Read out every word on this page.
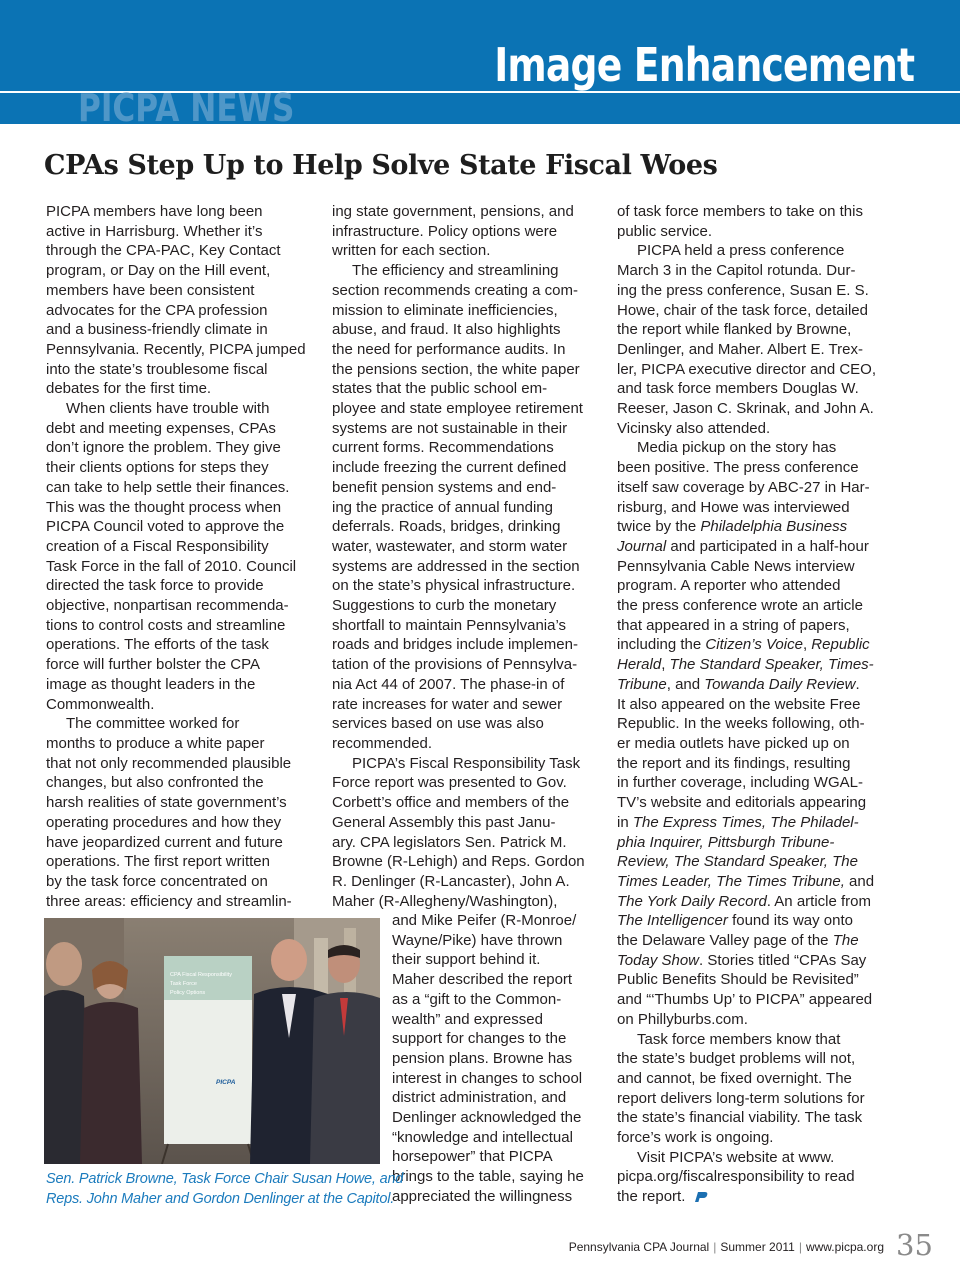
Image Enhancement
PICPA NEWS
CPAs Step Up to Help Solve State Fiscal Woes
PICPA members have long been
active in Harrisburg. Whether it’s
through the CPA-PAC, Key Contact
program, or Day on the Hill event,
members have been consistent
advocates for the CPA profession
and a business-friendly climate in
Pennsylvania. Recently, PICPA jumped
into the state’s troublesome fiscal
debates for the first time.
When clients have trouble with
debt and meeting expenses, CPAs
don’t ignore the problem. They give
their clients options for steps they
can take to help settle their finances.
This was the thought process when
PICPA Council voted to approve the
creation of a Fiscal Responsibility
Task Force in the fall of 2010. Council
directed the task force to provide
objective, nonpartisan recommenda-
tions to control costs and streamline
operations. The efforts of the task
force will further bolster the CPA
image as thought leaders in the
Commonwealth.
The committee worked for
months to produce a white paper
that not only recommended plausible
changes, but also confronted the
harsh realities of state government’s
operating procedures and how they
have jeopardized current and future
operations. The first report written
by the task force concentrated on
three areas: efficiency and streamlin-
ing state government, pensions, and
infrastructure. Policy options were
written for each section.
The efficiency and streamlining
section recommends creating a com-
mission to eliminate inefficiencies,
abuse, and fraud. It also highlights
the need for performance audits. In
the pensions section, the white paper
states that the public school em-
ployee and state employee retirement
systems are not sustainable in their
current forms. Recommendations
include freezing the current defined
benefit pension systems and end-
ing the practice of annual funding
deferrals. Roads, bridges, drinking
water, wastewater, and storm water
systems are addressed in the section
on the state’s physical infrastructure.
Suggestions to curb the monetary
shortfall to maintain Pennsylvania’s
roads and bridges include implemen-
tation of the provisions of Pennsylva-
nia Act 44 of 2007. The phase-in of
rate increases for water and sewer
services based on use was also
recommended.
PICPA’s Fiscal Responsibility Task
Force report was presented to Gov.
Corbett’s office and members of the
General Assembly this past Janu-
ary. CPA legislators Sen. Patrick M.
Browne (R-Lehigh) and Reps. Gordon
R. Denlinger (R-Lancaster), John A.
Maher (R-Allegheny/Washington),
and Mike Peifer (R-Monroe/
Wayne/Pike) have thrown
their support behind it.
Maher described the report
as a “gift to the Common-
wealth” and expressed
support for changes to the
pension plans. Browne has
interest in changes to school
district administration, and
Denlinger acknowledged the
“knowledge and intellectual
horsepower” that PICPA
brings to the table, saying he
appreciated the willingness
of task force members to take on this
public service.
PICPA held a press conference
March 3 in the Capitol rotunda. Dur-
ing the press conference, Susan E. S.
Howe, chair of the task force, detailed
the report while flanked by Browne,
Denlinger, and Maher. Albert E. Trex-
ler, PICPA executive director and CEO,
and task force members Douglas W.
Reeser, Jason C. Skrinak, and John A.
Vicinsky also attended.
Media pickup on the story has
been positive. The press conference
itself saw coverage by ABC-27 in Har-
risburg, and Howe was interviewed
twice by the Philadelphia Business
Journal and participated in a half-hour
Pennsylvania Cable News interview
program. A reporter who attended
the press conference wrote an article
that appeared in a string of papers,
including the Citizen’s Voice, Republic
Herald, The Standard Speaker, Times-
Tribune, and Towanda Daily Review.
It also appeared on the website Free
Republic. In the weeks following, oth-
er media outlets have picked up on
the report and its findings, resulting
in further coverage, including WGAL-
TV’s website and editorials appearing
in The Express Times, The Philadel-
phia Inquirer, Pittsburgh Tribune-
Review, The Standard Speaker, The
Times Leader, The Times Tribune, and
The York Daily Record. An article from
The Intelligencer found its way onto
the Delaware Valley page of the The
Today Show. Stories titled “CPAs Say
Public Benefits Should be Revisited”
and “‘Thumbs Up’ to PICPA” appeared
on Phillyburbs.com.
Task force members know that
the state’s budget problems will not,
and cannot, be fixed overnight. The
report delivers long-term solutions for
the state’s financial viability. The task
force’s work is ongoing.
Visit PICPA’s website at www.
picpa.org/fiscalresponsibility to read
the report.
CPA Fiscal Responsibility
Task Force
Policy Options
PICPA
Sen. Patrick Browne, Task Force Chair Susan Howe, and
Reps. John Maher and Gordon Denlinger at the Capitol.
Pennsylvania CPA Journal | Summer 2011 | www.picpa.org 35
